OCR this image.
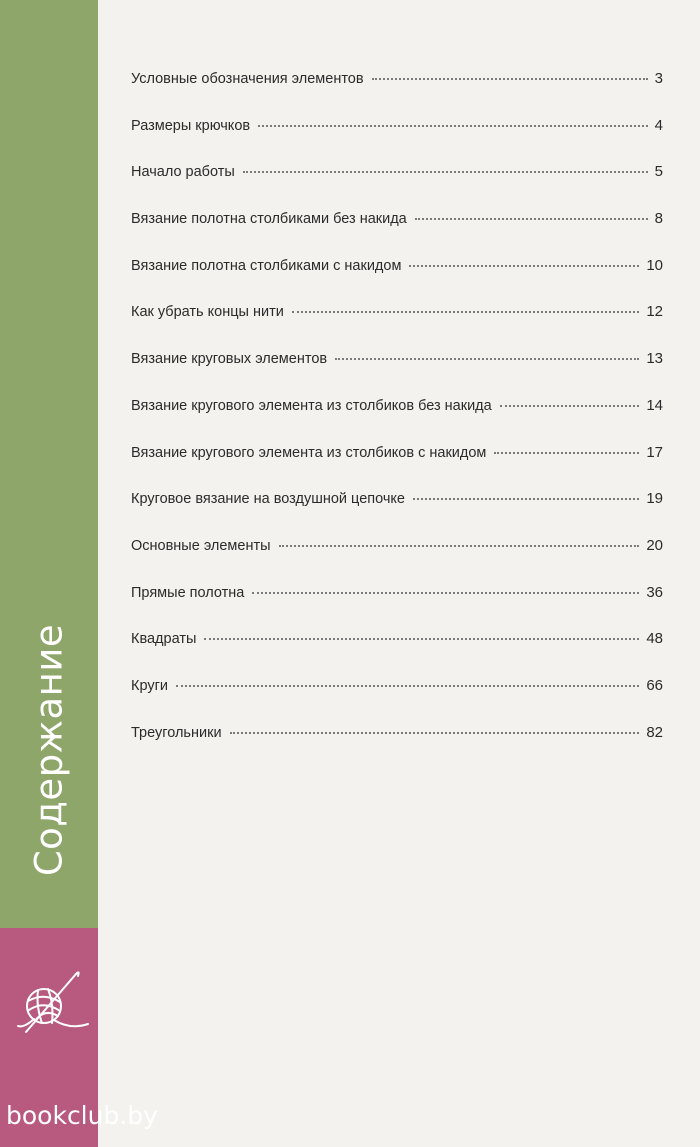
Содержание
Условные обозначения элементов	3
Размеры крючков	4
Начало работы	5
Вязание полотна столбиками без накида	8
Вязание полотна столбиками с накидом	10
Как убрать концы нити	12
Вязание круговых элементов	13
Вязание кругового элемента из столбиков без накида	14
Вязание кругового элемента из столбиков с накидом	17
Круговое вязание на воздушной цепочке	19
Основные элементы	20
Прямые полотна	36
Квадраты	48
Круги	66
Треугольники	82
bookclub.by
